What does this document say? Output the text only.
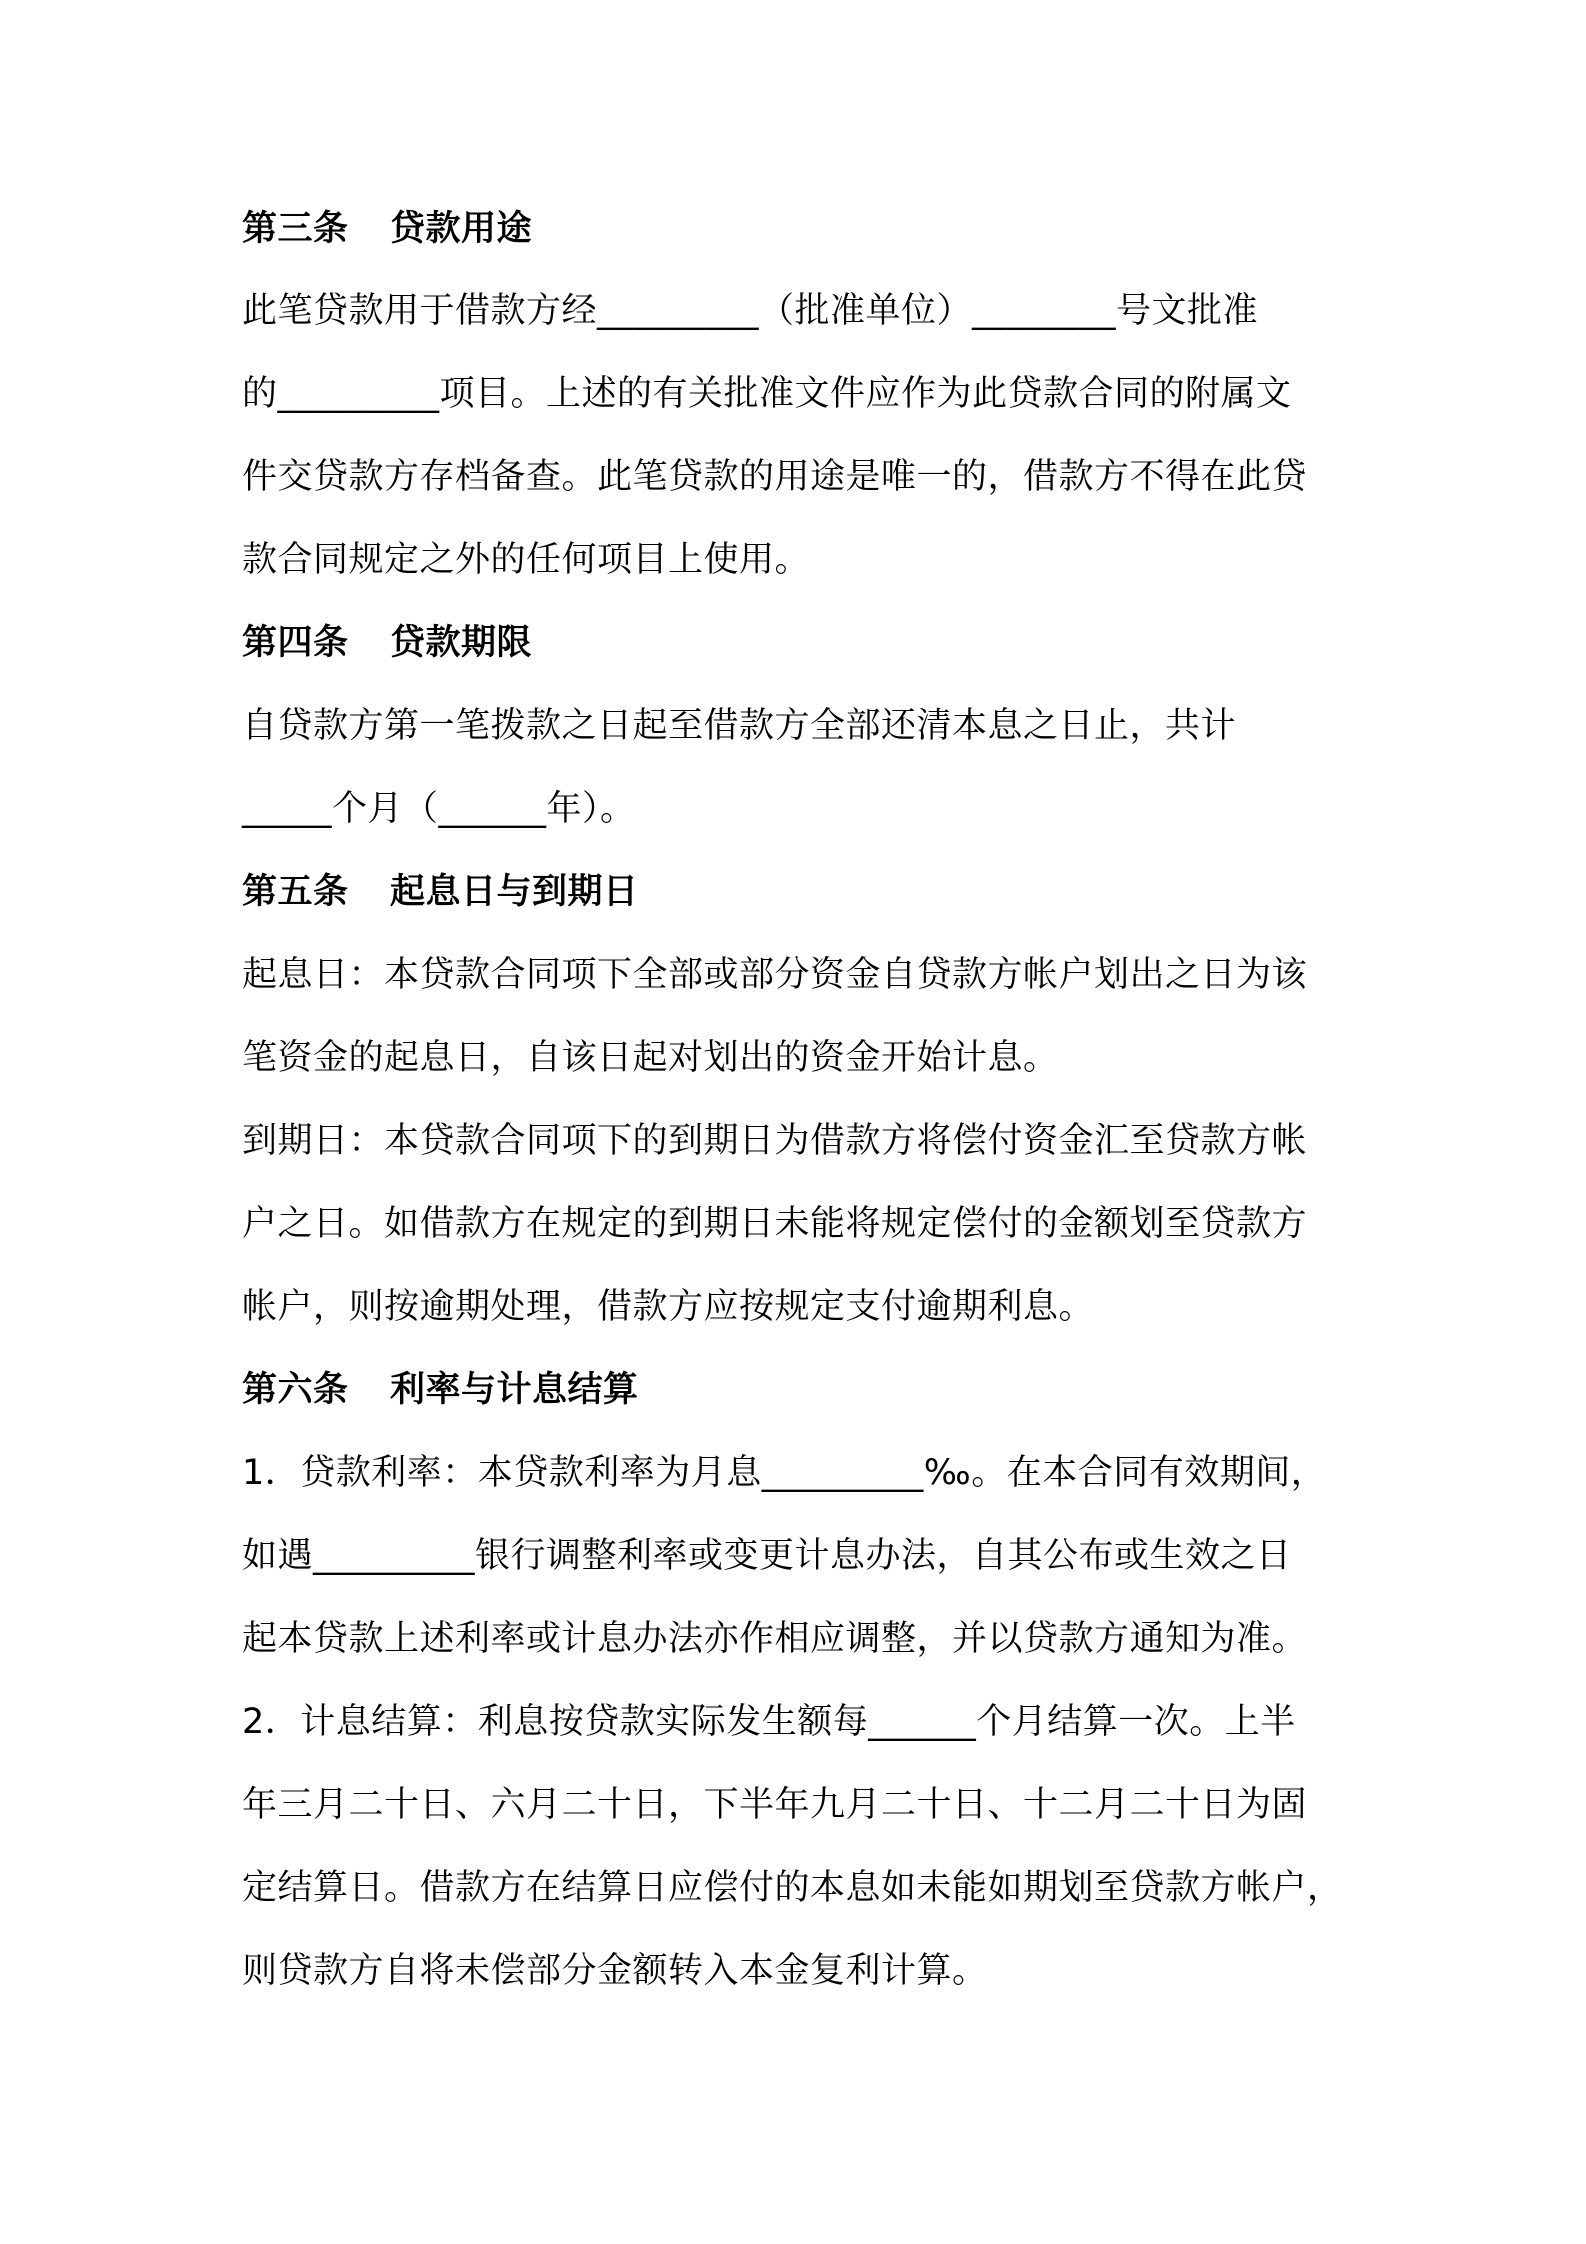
第三条 贷款用途

此笔贷款用于借款方经_________（批准单位）________号文批准

的_________项目。上述的有关批准文件应作为此贷款合同的附属文

件交贷款方存档备查。此笔贷款的用途是唯一的，借款方不得在此贷

款合同规定之外的任何项目上使用。

第四条 贷款期限

自贷款方第一笔拨款之日起至借款方全部还清本息之日止，共计

_____个月（______年）。

第五条 起息日与到期日

起息日：本贷款合同项下全部或部分资金自贷款方帐户划出之日为该

笔资金的起息日，自该日起对划出的资金开始计息。

到期日：本贷款合同项下的到期日为借款方将偿付资金汇至贷款方帐

户之日。如借款方在规定的到期日未能将规定偿付的金额划至贷款方

帐户，则按逾期处理，借款方应按规定支付逾期利息。

第六条 利率与计息结算

1．贷款利率：本贷款利率为月息_________‰。在本合同有效期间，

如遇_________银行调整利率或变更计息办法，自其公布或生效之日

起本贷款上述利率或计息办法亦作相应调整，并以贷款方通知为准。

2．计息结算：利息按贷款实际发生额每______个月结算一次。上半

年三月二十日、六月二十日，下半年九月二十日、十二月二十日为固

定结算日。借款方在结算日应偿付的本息如未能如期划至贷款方帐户，

则贷款方自将未偿部分金额转入本金复利计算。
